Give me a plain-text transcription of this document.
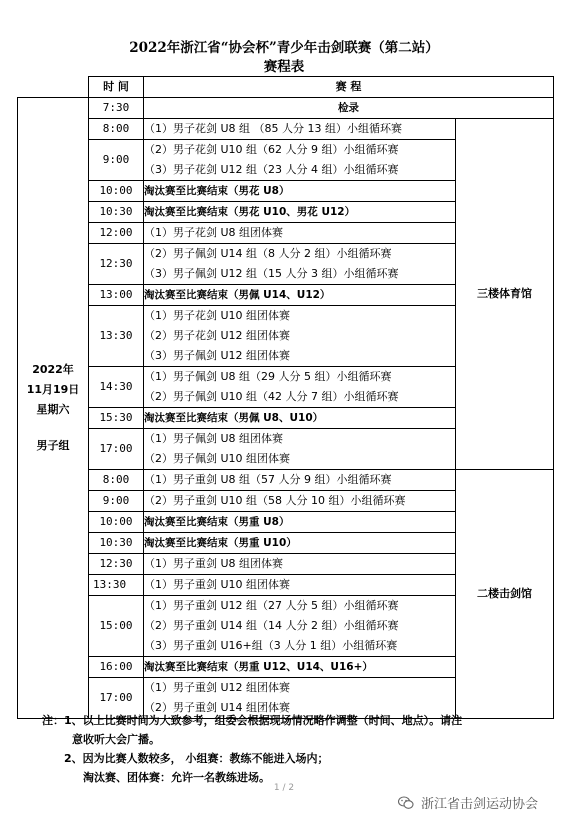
2022年浙江省“协会杯”青少年击剑联赛（第二站）
赛程表
	时 间	赛 程	

2022年
11月19日
星期六
男子组	7:30	检录	

	8:00	（1）男子花剑 U8 组 （85 人分 13 组）小组循环赛	三楼体育馆
	9:00	（2）男子花剑 U10 组（62 人分 9 组）小组循环赛
（3）男子花剑 U12 组（23 人分 4 组）小组循环赛	

	10:00	淘汰赛至比赛结束（男花 U8）	

	10:30	淘汰赛至比赛结束（男花 U10、男花 U12）	

	12:00	（1）男子花剑 U8 组团体赛	

	12:30	（2）男子佩剑 U14 组（8 人分 2 组）小组循环赛
（3）男子佩剑 U12 组（15 人分 3 组）小组循环赛	

	13:00	淘汰赛至比赛结束（男佩 U14、U12）	

	13:30	（1）男子花剑 U10 组团体赛
（2）男子花剑 U12 组团体赛
（3）男子佩剑 U12 组团体赛	

	14:30	（1）男子佩剑 U8 组（29 人分 5 组）小组循环赛
（2）男子佩剑 U10 组（42 人分 7 组）小组循环赛	

	15:30	淘汰赛至比赛结束（男佩 U8、U10）	

	17:00	（1）男子佩剑 U8 组团体赛
（2）男子佩剑 U10 组团体赛	

	8:00	（1）男子重剑 U8 组（57 人分 9 组）小组循环赛	二楼击剑馆
	9:00	（2）男子重剑 U10 组（58 人分 10 组）小组循环赛	

	10:00	淘汰赛至比赛结束（男重 U8）	

	10:30	淘汰赛至比赛结束（男重 U10）	

	12:30	（1）男子重剑 U8 组团体赛	

	13:30	（1）男子重剑 U10 组团体赛	

	15:00	（1）男子重剑 U12 组（27 人分 5 组）小组循环赛
（2）男子重剑 U14 组（14 人分 2 组）小组循环赛
（3）男子重剑 U16+组（3 人分 1 组）小组循环赛	

	16:00	淘汰赛至比赛结束（男重 U12、U14、U16+）	

	17:00	（1）男子重剑 U12 组团体赛
（2）男子重剑 U14 组团体赛	
注：1、以上比赛时间为大致参考，组委会根据现场情况略作调整（时间、地点）。请注
意收听大会广播。
2、因为比赛人数较多， 小组赛：教练不能进入场内；
淘汰赛、团体赛：允许一名教练进场。
1 / 2
浙江省击剑运动协会
